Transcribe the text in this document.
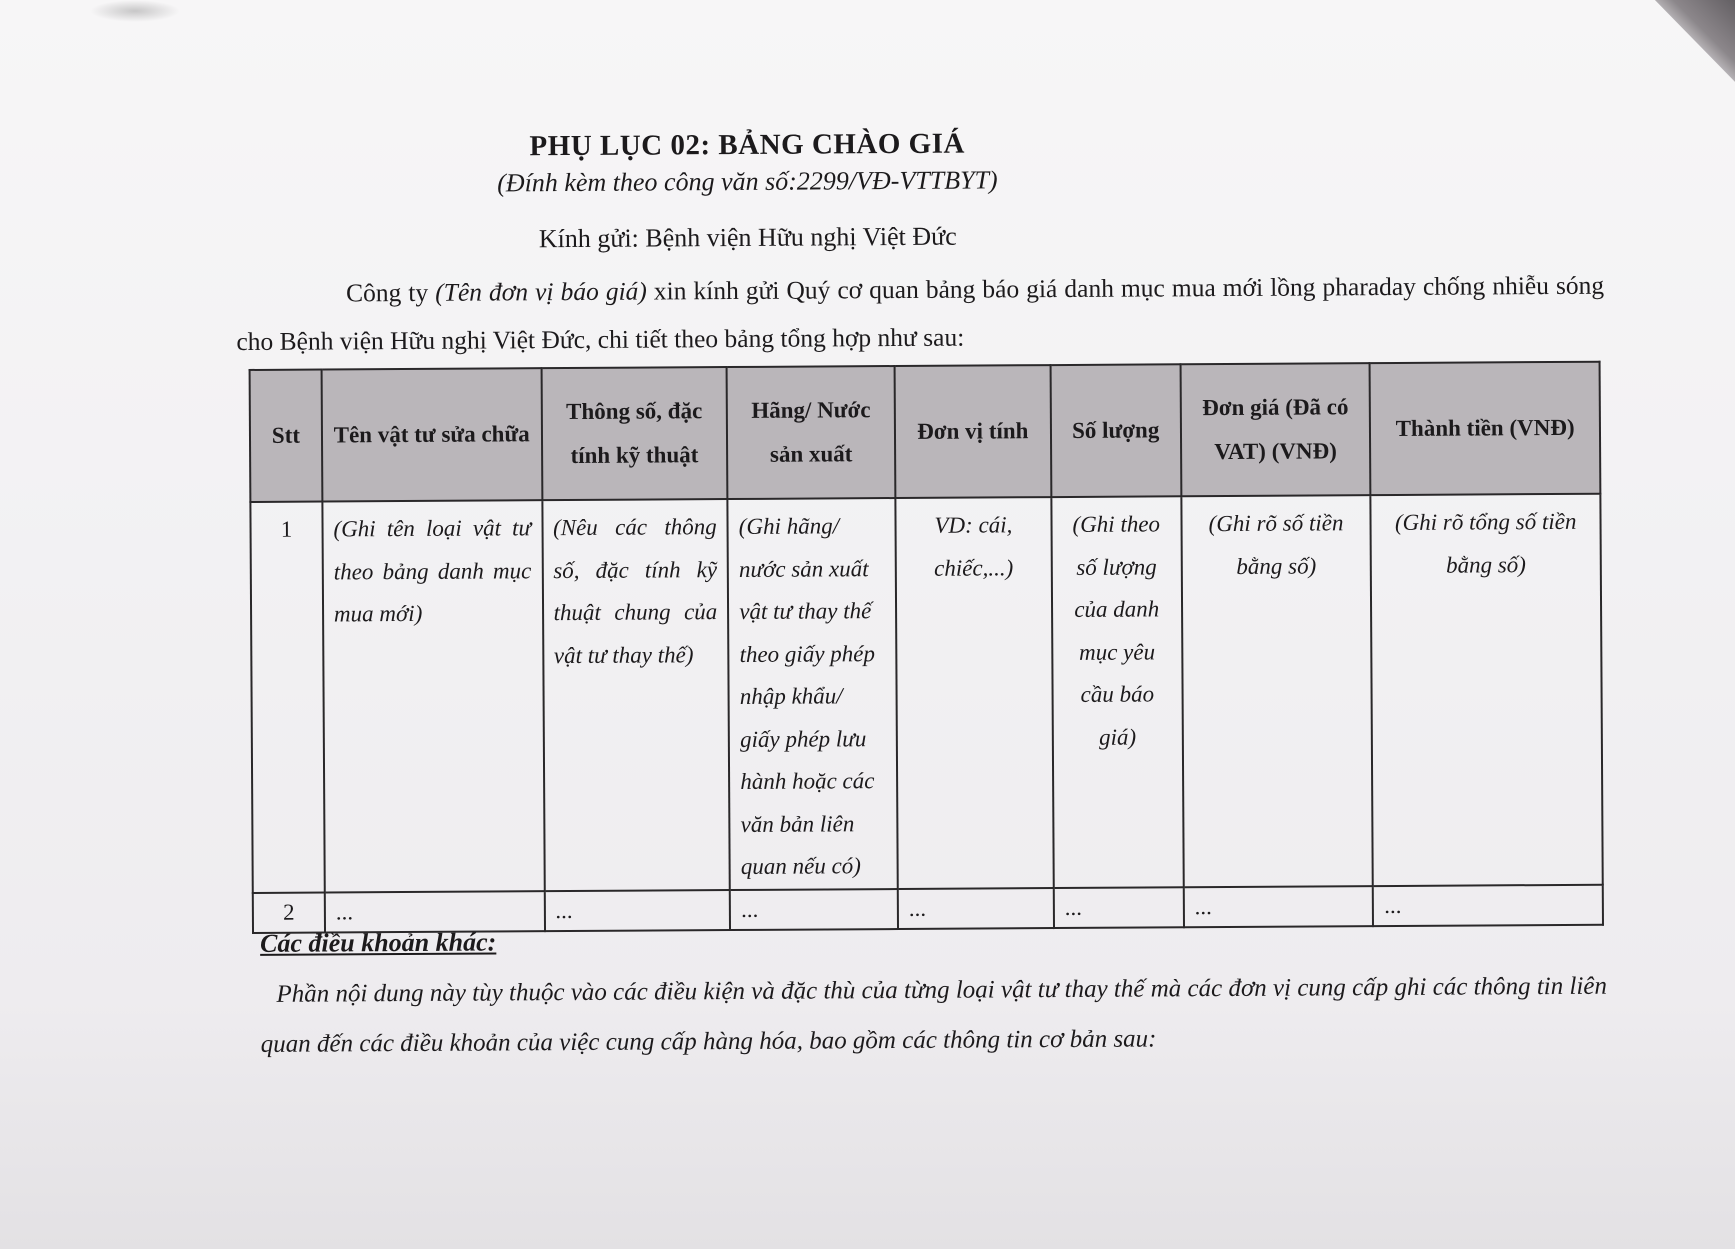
PHỤ LỤC 02: BẢNG CHÀO GIÁ
(Đính kèm theo công văn số:2299/VĐ-VTTBYT)
Kính gửi: Bệnh viện Hữu nghị Việt Đức
Công ty (Tên đơn vị báo giá) xin kính gửi Quý cơ quan bảng báo giá danh mục mua mới lồng pharaday chống nhiễu sóng cho Bệnh viện Hữu nghị Việt Đức, chi tiết theo bảng tổng hợp như sau:
Stt	Tên vật tư sửa chữa	Thông số, đặc tính kỹ thuật	Hãng/ Nước sản xuất	Đơn vị tính	Số lượng	Đơn giá (Đã có VAT) (VNĐ)	Thành tiền (VNĐ)
1	(Ghi tên loại vật tư theo bảng danh mục mua mới)	(Nêu các thông số, đặc tính kỹ thuật chung của vật tư thay thế)	(Ghi hãng/ nước sản xuất vật tư thay thế theo giấy phép nhập khẩu/ giấy phép lưu hành hoặc các văn bản liên quan nếu có)	VD: cái, chiếc,...)	(Ghi theo số lượng của danh mục yêu cầu báo giá)	(Ghi rõ số tiền bằng số)	(Ghi rõ tổng số tiền bằng số)
2	...	...	...	...	...	...	...
Các điều khoản khác:
Phần nội dung này tùy thuộc vào các điều kiện và đặc thù của từng loại vật tư thay thế mà các đơn vị cung cấp ghi các thông tin liên quan đến các điều khoản của việc cung cấp hàng hóa, bao gồm các thông tin cơ bản sau:
